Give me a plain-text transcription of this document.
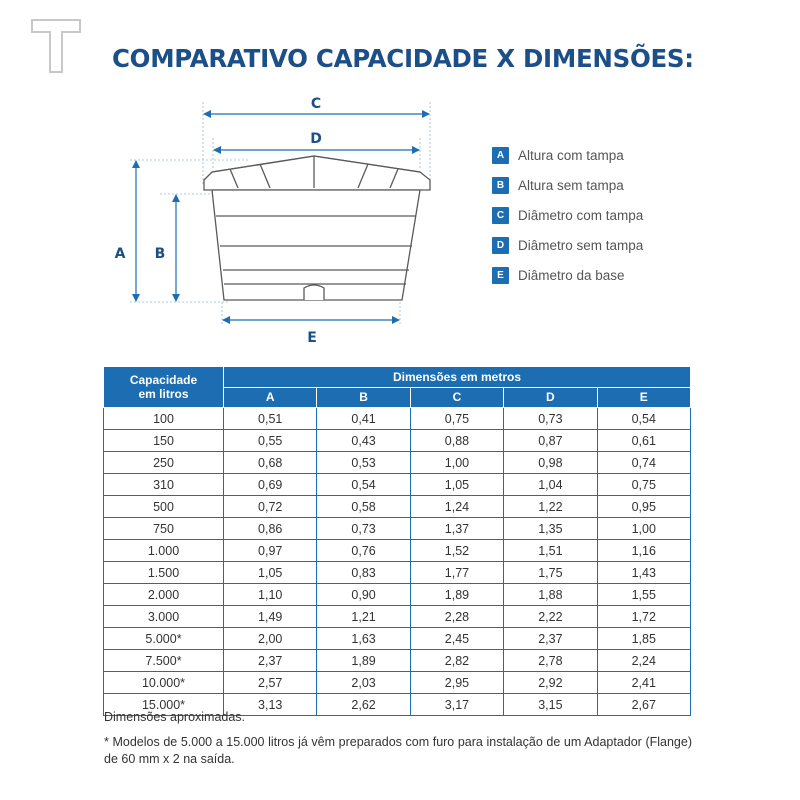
COMPARATIVO CAPACIDADE X DIMENSÕES:
C
D
A B
E
A	Altura com tampa
B	Altura sem tampa
C	Diâmetro com tampa
D	Diâmetro sem tampa
E	Diâmetro da base
Capacidade
em litros	Dimensões em metros				
	A	B	C	D	E
100	0,51	0,41	0,75	0,73	0,54
150	0,55	0,43	0,88	0,87	0,61
250	0,68	0,53	1,00	0,98	0,74
310	0,69	0,54	1,05	1,04	0,75
500	0,72	0,58	1,24	1,22	0,95
750	0,86	0,73	1,37	1,35	1,00
1.000	0,97	0,76	1,52	1,51	1,16
1.500	1,05	0,83	1,77	1,75	1,43
2.000	1,10	0,90	1,89	1,88	1,55
3.000	1,49	1,21	2,28	2,22	1,72
5.000*	2,00	1,63	2,45	2,37	1,85
7.500*	2,37	1,89	2,82	2,78	2,24
10.000*	2,57	2,03	2,95	2,92	2,41
15.000*	3,13	2,62	3,17	3,15	2,67
Dimensões aproximadas.
* Modelos de 5.000 a 15.000 litros já vêm preparados com furo para instalação de um Adaptador (Flange) de 60 mm x 2 na saída.
